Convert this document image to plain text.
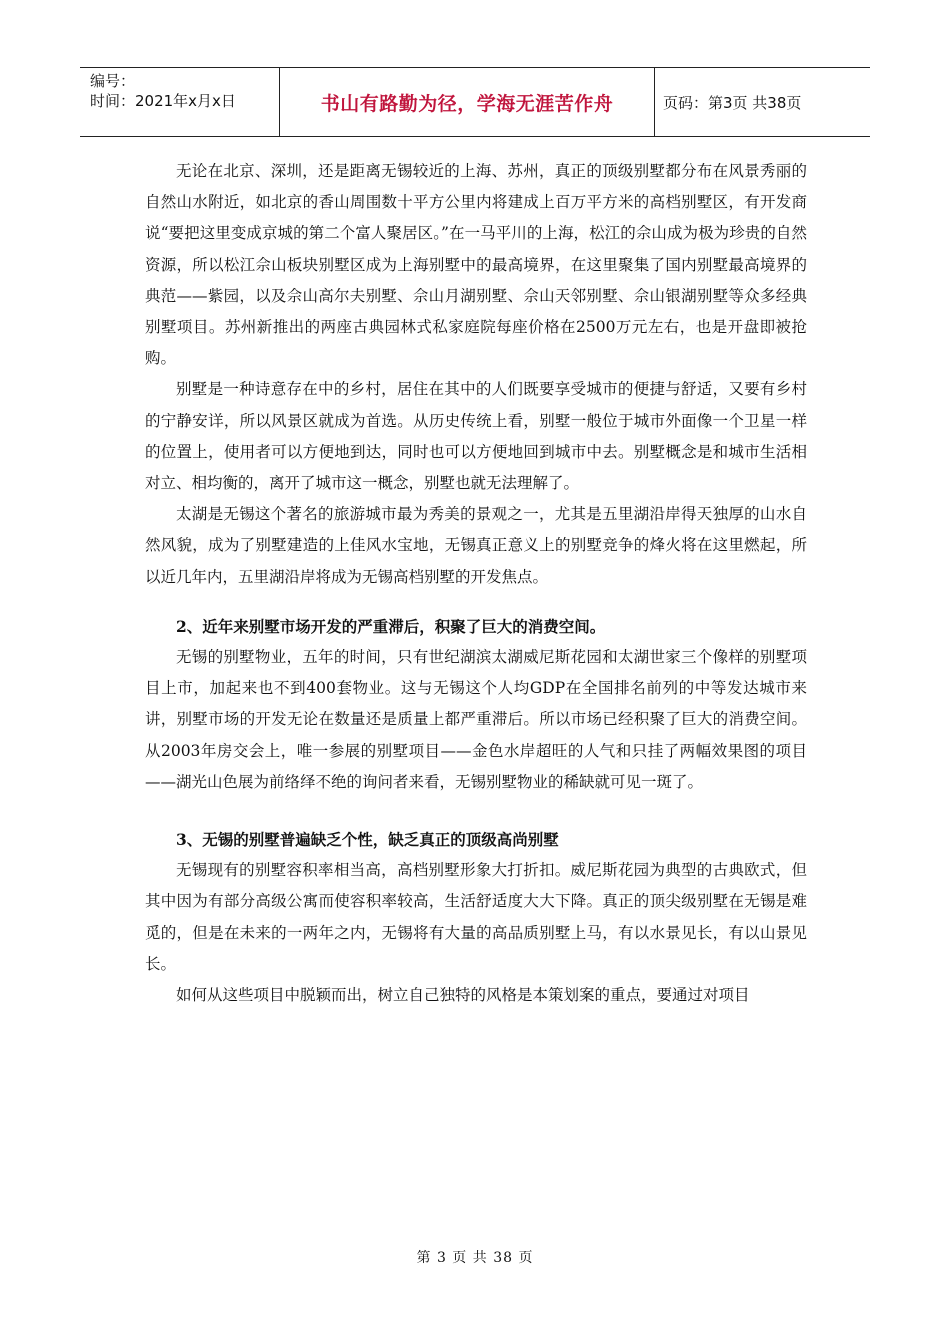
编号：
时间：2021年x月x日	书山有路勤为径，学海无涯苦作舟	页码：第3页 共38页

无论在北京、深圳，还是距离无锡较近的上海、苏州，真正的顶级别墅都分布在风景秀丽的自然山水附近，如北京的香山周围数十平方公里内将建成上百万平方米的高档别墅区，有开发商说“要把这里变成京城的第二个富人聚居区。”在一马平川的上海，松江的佘山成为极为珍贵的自然资源，所以松江佘山板块别墅区成为上海别墅中的最高境界，在这里聚集了国内别墅最高境界的典范——紫园，以及佘山高尔夫别墅、佘山月湖别墅、佘山天邻别墅、佘山银湖别墅等众多经典别墅项目。苏州新推出的两座古典园林式私家庭院每座价格在2500万元左右，也是开盘即被抢购。

别墅是一种诗意存在中的乡村，居住在其中的人们既要享受城市的便捷与舒适，又要有乡村的宁静安详，所以风景区就成为首选。从历史传统上看，别墅一般位于城市外面像一个卫星一样的位置上，使用者可以方便地到达，同时也可以方便地回到城市中去。别墅概念是和城市生活相对立、相均衡的，离开了城市这一概念，别墅也就无法理解了。

太湖是无锡这个著名的旅游城市最为秀美的景观之一，尤其是五里湖沿岸得天独厚的山水自然风貌，成为了别墅建造的上佳风水宝地，无锡真正意义上的别墅竞争的烽火将在这里燃起，所以近几年内，五里湖沿岸将成为无锡高档别墅的开发焦点。

2、近年来别墅市场开发的严重滞后，积聚了巨大的消费空间。

无锡的别墅物业，五年的时间，只有世纪湖滨太湖威尼斯花园和太湖世家三个像样的别墅项目上市，加起来也不到400套物业。这与无锡这个人均GDP在全国排名前列的中等发达城市来讲，别墅市场的开发无论在数量还是质量上都严重滞后。所以市场已经积聚了巨大的消费空间。从2003年房交会上，唯一参展的别墅项目——金色水岸超旺的人气和只挂了两幅效果图的项目——湖光山色展为前络绎不绝的询问者来看，无锡别墅物业的稀缺就可见一斑了。

3、无锡的别墅普遍缺乏个性，缺乏真正的顶级高尚别墅

无锡现有的别墅容积率相当高，高档别墅形象大打折扣。威尼斯花园为典型的古典欧式，但其中因为有部分高级公寓而使容积率较高，生活舒适度大大下降。真正的顶尖级别墅在无锡是难觅的，但是在未来的一两年之内，无锡将有大量的高品质别墅上马，有以水景见长，有以山景见长。

如何从这些项目中脱颖而出，树立自己独特的风格是本策划案的重点，要通过对项目

第 3 页 共 38 页
